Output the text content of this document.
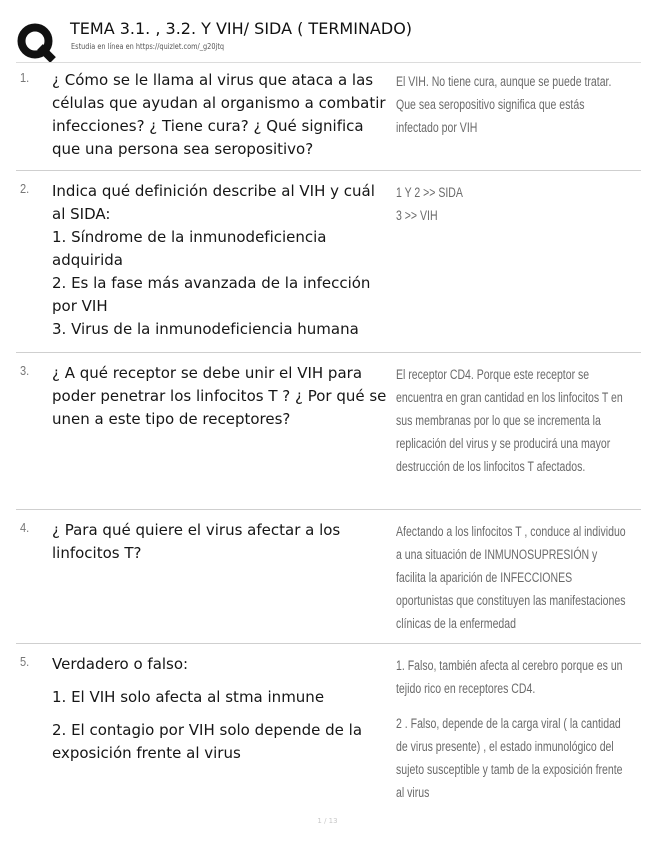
TEMA 3.1. , 3.2. Y VIH/ SIDA ( TERMINADO)
Estudia en línea en https://quizlet.com/_g20jtq
1. ¿ Cómo se le llama al virus que ataca a las células que ayudan al organismo a combatir infecciones? ¿ Tiene cura? ¿ Qué significa que una persona sea seropositivo?

El VIH. No tiene cura, aunque se puede tratar.

Que sea seropositivo significa que estás infectado por VIH

2. Indica qué definición describe al VIH y cuál al SIDA:

1. Síndrome de la inmunodeficiencia adquirida

2. Es la fase más avanzada de la infección por VIH

3. Virus de la inmunodeficiencia humana

1 Y 2 >> SIDA

3 >> VIH

3. ¿ A qué receptor se debe unir el VIH para poder penetrar los linfocitos T ? ¿ Por qué se unen a este tipo de receptores?

El receptor CD4. Porque este receptor se encuentra en gran cantidad en los linfocitos T en sus membranas por lo que se incrementa la replicación del virus y se producirá una mayor destrucción de los linfocitos T afectados.

4. ¿ Para qué quiere el virus afectar a los linfocitos T?

Afectando a los linfocitos T , conduce al individuo a una situación de INMUNOSUPRESIÓN y facilita la aparición de INFECCIONES oportunistas que constituyen las manifestaciones clínicas de la enfermedad

5. Verdadero o falso:

1. El VIH solo afecta al stma inmune

2. El contagio por VIH solo depende de la exposición frente al virus

1. Falso, también afecta al cerebro porque es un tejido rico en receptores CD4.

2 . Falso, depende de la carga viral ( la cantidad de virus presente) , el estado inmunológico del sujeto susceptible y tamb de la exposición frente al virus

1 / 13
